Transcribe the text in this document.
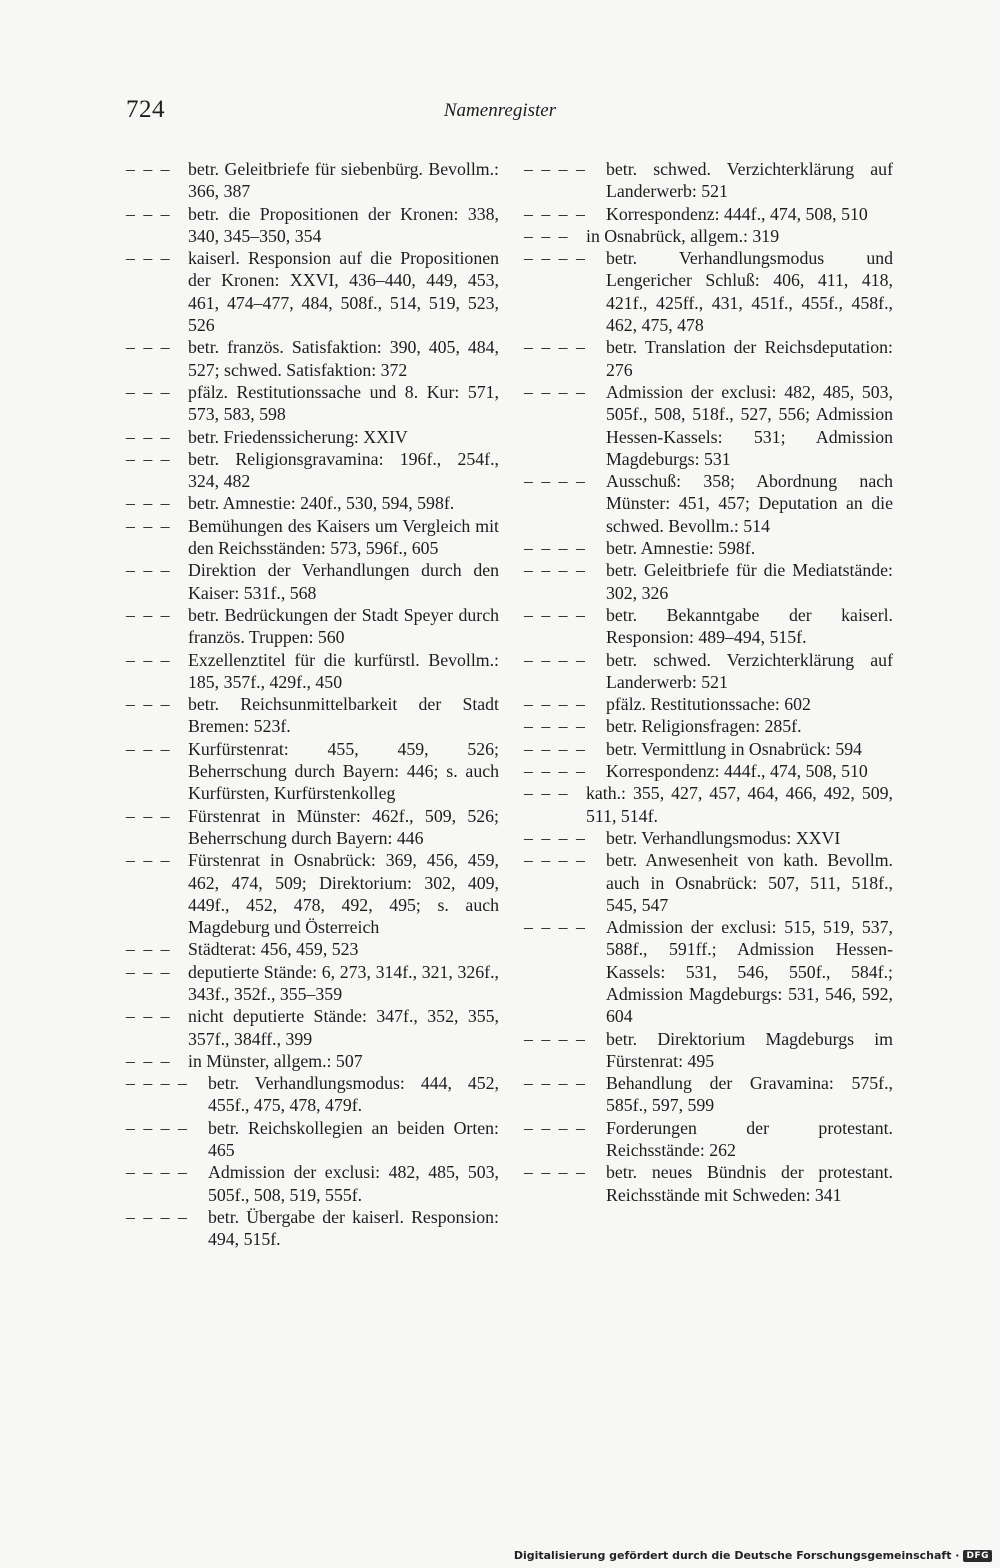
724	Namenregister

– – – betr. Geleitbriefe für siebenbürg. Bevollm.: 366, 387

– – – betr. die Propositionen der Kronen: 338, 340, 345–350, 354

– – – kaiserl. Responsion auf die Propositionen der Kronen: XXVI, 436–440, 449, 453, 461, 474–477, 484, 508f., 514, 519, 523, 526

– – – betr. französ. Satisfaktion: 390, 405, 484, 527; schwed. Satisfaktion: 372

– – – pfälz. Restitutionssache und 8. Kur: 571, 573, 583, 598

– – – betr. Friedenssicherung: XXIV

– – – betr. Religionsgravamina: 196f., 254f., 324, 482

– – – betr. Amnestie: 240f., 530, 594, 598f.

– – – Bemühungen des Kaisers um Vergleich mit den Reichsständen: 573, 596f., 605

– – – Direktion der Verhandlungen durch den Kaiser: 531f., 568

– – – betr. Bedrückungen der Stadt Speyer durch französ. Truppen: 560

– – – Exzellenztitel für die kurfürstl. Bevollm.: 185, 357f., 429f., 450

– – – betr. Reichsunmittelbarkeit der Stadt Bremen: 523f.

– – – Kurfürstenrat: 455, 459, 526; Beherrschung durch Bayern: 446; s. auch Kurfürsten, Kurfürstenkolleg

– – – Fürstenrat in Münster: 462f., 509, 526; Beherrschung durch Bayern: 446

– – – Fürstenrat in Osnabrück: 369, 456, 459, 462, 474, 509; Direktorium: 302, 409, 449f., 452, 478, 492, 495; s. auch Magdeburg und Österreich

– – – Städterat: 456, 459, 523

– – – deputierte Stände: 6, 273, 314f., 321, 326f., 343f., 352f., 355–359

– – – nicht deputierte Stände: 347f., 352, 355, 357f., 384ff., 399

– – – in Münster, allgem.: 507

– – – – betr. Verhandlungsmodus: 444, 452, 455f., 475, 478, 479f.

– – – – betr. Reichskollegien an beiden Orten: 465

– – – – Admission der exclusi: 482, 485, 503, 505f., 508, 519, 555f.

– – – – betr. Übergabe der kaiserl. Responsion: 494, 515f.

– – – – betr. schwed. Verzichterklärung auf Landerwerb: 521

– – – – Korrespondenz: 444f., 474, 508, 510

– – – in Osnabrück, allgem.: 319

– – – – betr. Verhandlungsmodus und Lengericher Schluß: 406, 411, 418, 421f., 425ff., 431, 451f., 455f., 458f., 462, 475, 478

– – – – betr. Translation der Reichsdeputation: 276

– – – – Admission der exclusi: 482, 485, 503, 505f., 508, 518f., 527, 556; Admission Hessen-Kassels: 531; Admission Magdeburgs: 531

– – – – Ausschuß: 358; Abordnung nach Münster: 451, 457; Deputation an die schwed. Bevollm.: 514

– – – – betr. Amnestie: 598f.

– – – – betr. Geleitbriefe für die Mediatstände: 302, 326

– – – – betr. Bekanntgabe der kaiserl. Responsion: 489–494, 515f.

– – – – betr. schwed. Verzichterklärung auf Landerwerb: 521

– – – – pfälz. Restitutionssache: 602

– – – – betr. Religionsfragen: 285f.

– – – – betr. Vermittlung in Osnabrück: 594

– – – – Korrespondenz: 444f., 474, 508, 510

– – – kath.: 355, 427, 457, 464, 466, 492, 509, 511, 514f.

– – – – betr. Verhandlungsmodus: XXVI

– – – – betr. Anwesenheit von kath. Bevollm. auch in Osnabrück: 507, 511, 518f., 545, 547

– – – – Admission der exclusi: 515, 519, 537, 588f., 591ff.; Admission Hessen-Kassels: 531, 546, 550f., 584f.; Admission Magdeburgs: 531, 546, 592, 604

– – – – betr. Direktorium Magdeburgs im Fürstenrat: 495

– – – – Behandlung der Gravamina: 575f., 585f., 597, 599

– – – – Forderungen der protestant. Reichsstände: 262

– – – – betr. neues Bündnis der protestant. Reichsstände mit Schweden: 341

Digitalisierung gefördert durch die Deutsche Forschungsgemeinschaft · DFG
